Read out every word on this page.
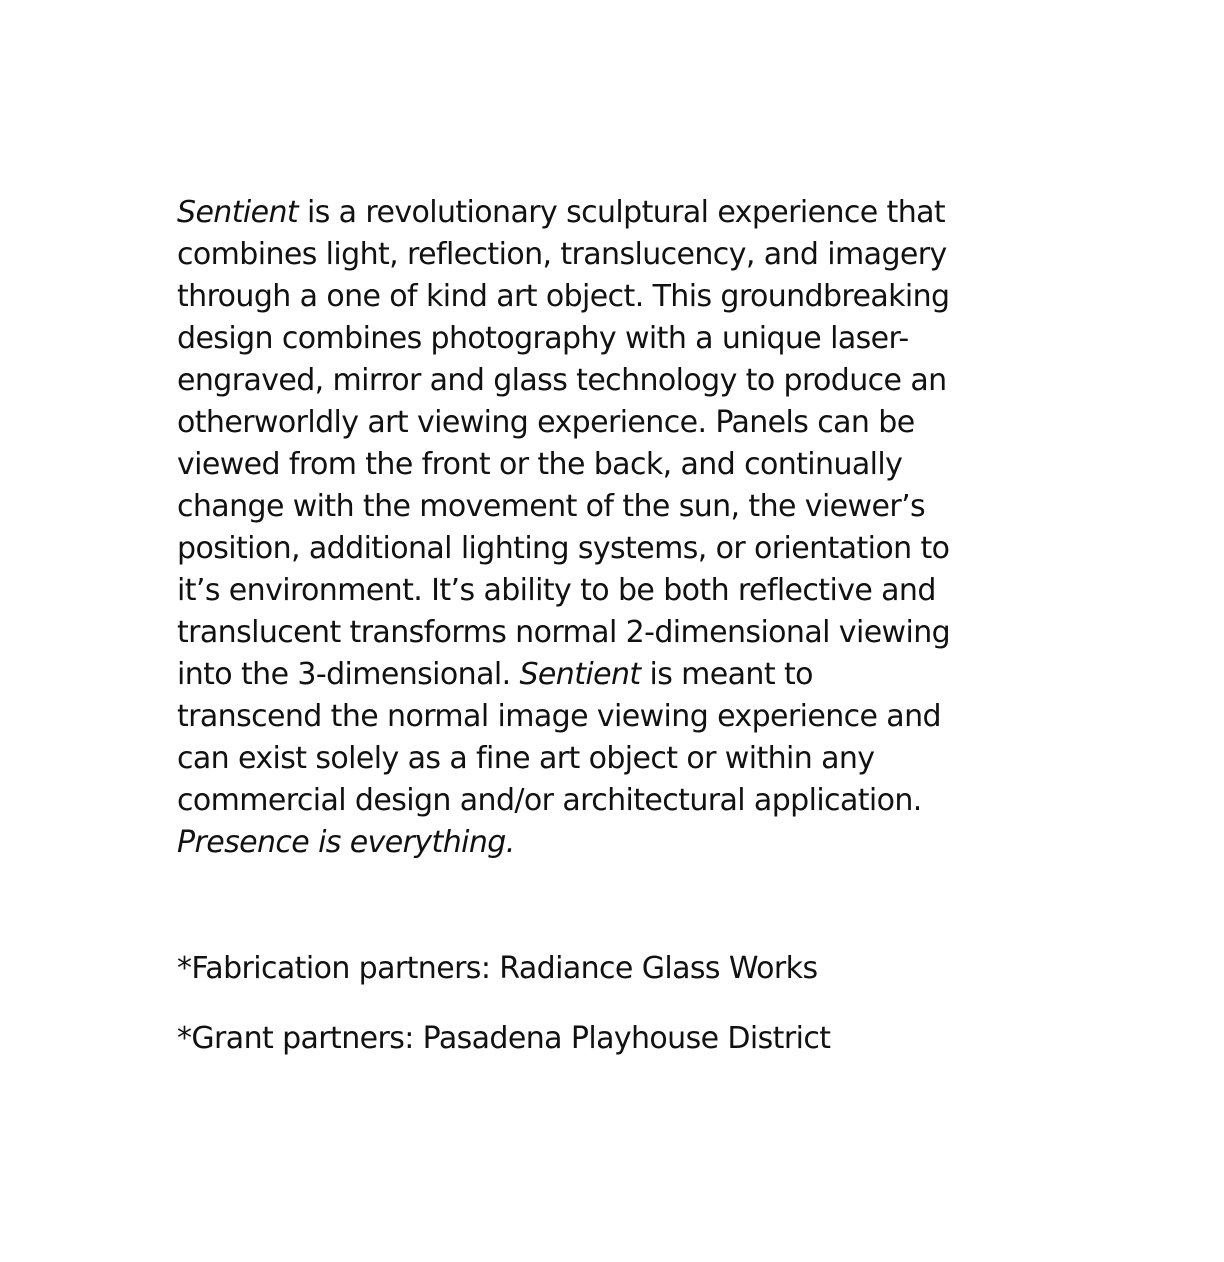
Sentient is a revolutionary sculptural experience that
combines light, reflection, translucency, and imagery
through a one of kind art object. This groundbreaking
design combines photography with a unique laser-
engraved, mirror and glass technology to produce an
otherworldly art viewing experience. Panels can be
viewed from the front or the back, and continually
change with the movement of the sun, the viewer’s
position, additional lighting systems, or orientation to
it’s environment. It’s ability to be both reflective and
translucent transforms normal 2-dimensional viewing
into the 3-dimensional. Sentient is meant to
transcend the normal image viewing experience and
can exist solely as a fine art object or within any
commercial design and/or architectural application.
Presence is everything.
*Fabrication partners: Radiance Glass Works
*Grant partners: Pasadena Playhouse District
